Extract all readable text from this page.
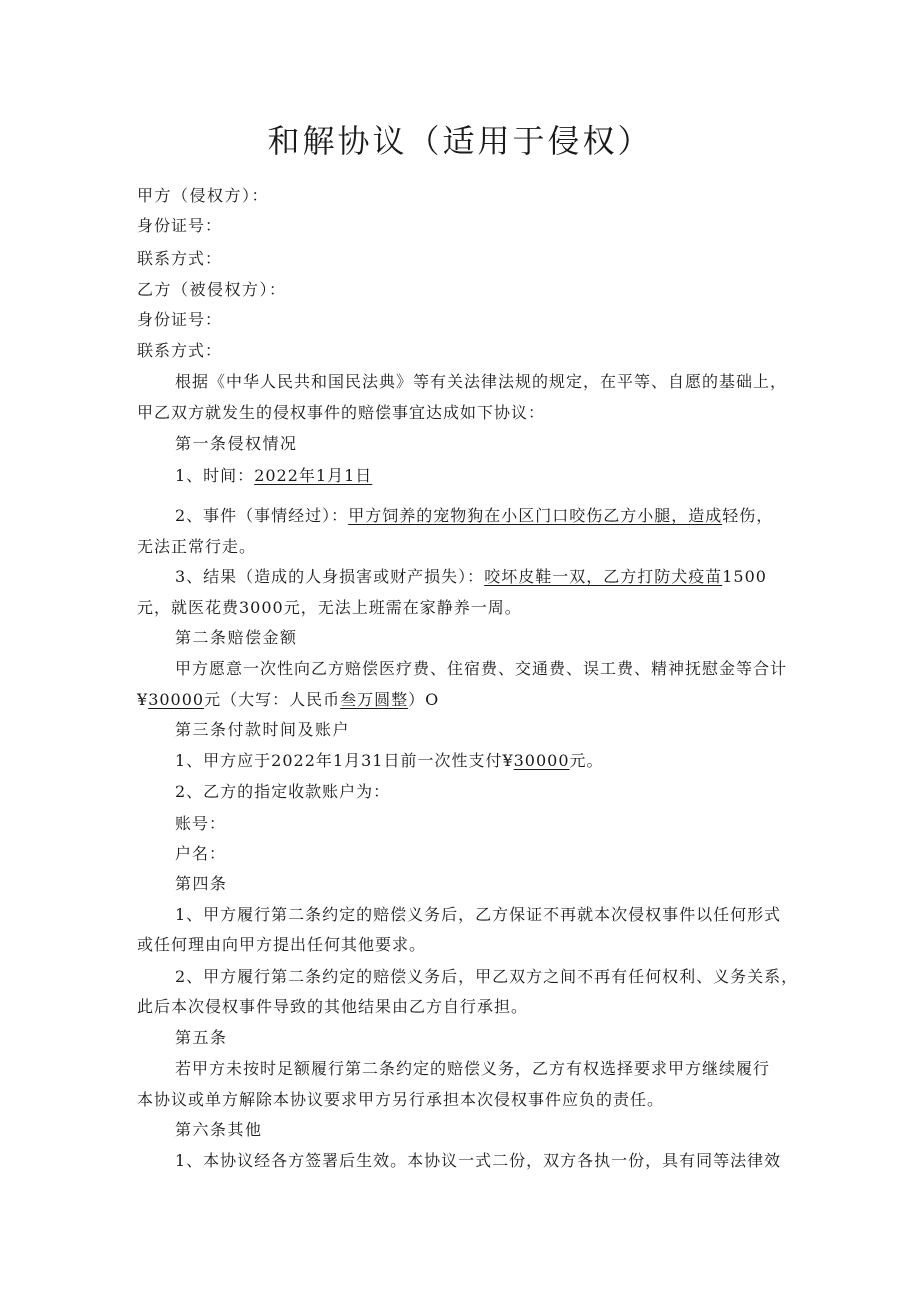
和解协议（适用于侵权）
甲方（侵权方）：
身份证号：
联系方式：
乙方（被侵权方）：
身份证号：
联系方式：
根据《中华人民共和国民法典》等有关法律法规的规定，在平等、自愿的基础上，
甲乙双方就发生的侵权事件的赔偿事宜达成如下协议：
第一条侵权情况
1、时间：2022年1月1日
2、事件（事情经过）：甲方饲养的宠物狗在小区门口咬伤乙方小腿，造成轻伤，
无法正常行走。
3、结果（造成的人身损害或财产损失）：咬坏皮鞋一双，乙方打防犬疫苗1500
元，就医花费3000元，无法上班需在家静养一周。
第二条赔偿金额
甲方愿意一次性向乙方赔偿医疗费、住宿费、交通费、误工费、精神抚慰金等合计
¥30000元（大写：人民币叁万圆整）O
第三条付款时间及账户
1、甲方应于2022年1月31日前一次性支付¥30000元。
2、乙方的指定收款账户为：
账号：
户名：
第四条
1、甲方履行第二条约定的赔偿义务后，乙方保证不再就本次侵权事件以任何形式
或任何理由向甲方提出任何其他要求。
2、甲方履行第二条约定的赔偿义务后，甲乙双方之间不再有任何权利、义务关系，
此后本次侵权事件导致的其他结果由乙方自行承担。
第五条
若甲方未按时足额履行第二条约定的赔偿义务，乙方有权选择要求甲方继续履行
本协议或单方解除本协议要求甲方另行承担本次侵权事件应负的责任。
第六条其他
1、本协议经各方签署后生效。本协议一式二份，双方各执一份，具有同等法律效
